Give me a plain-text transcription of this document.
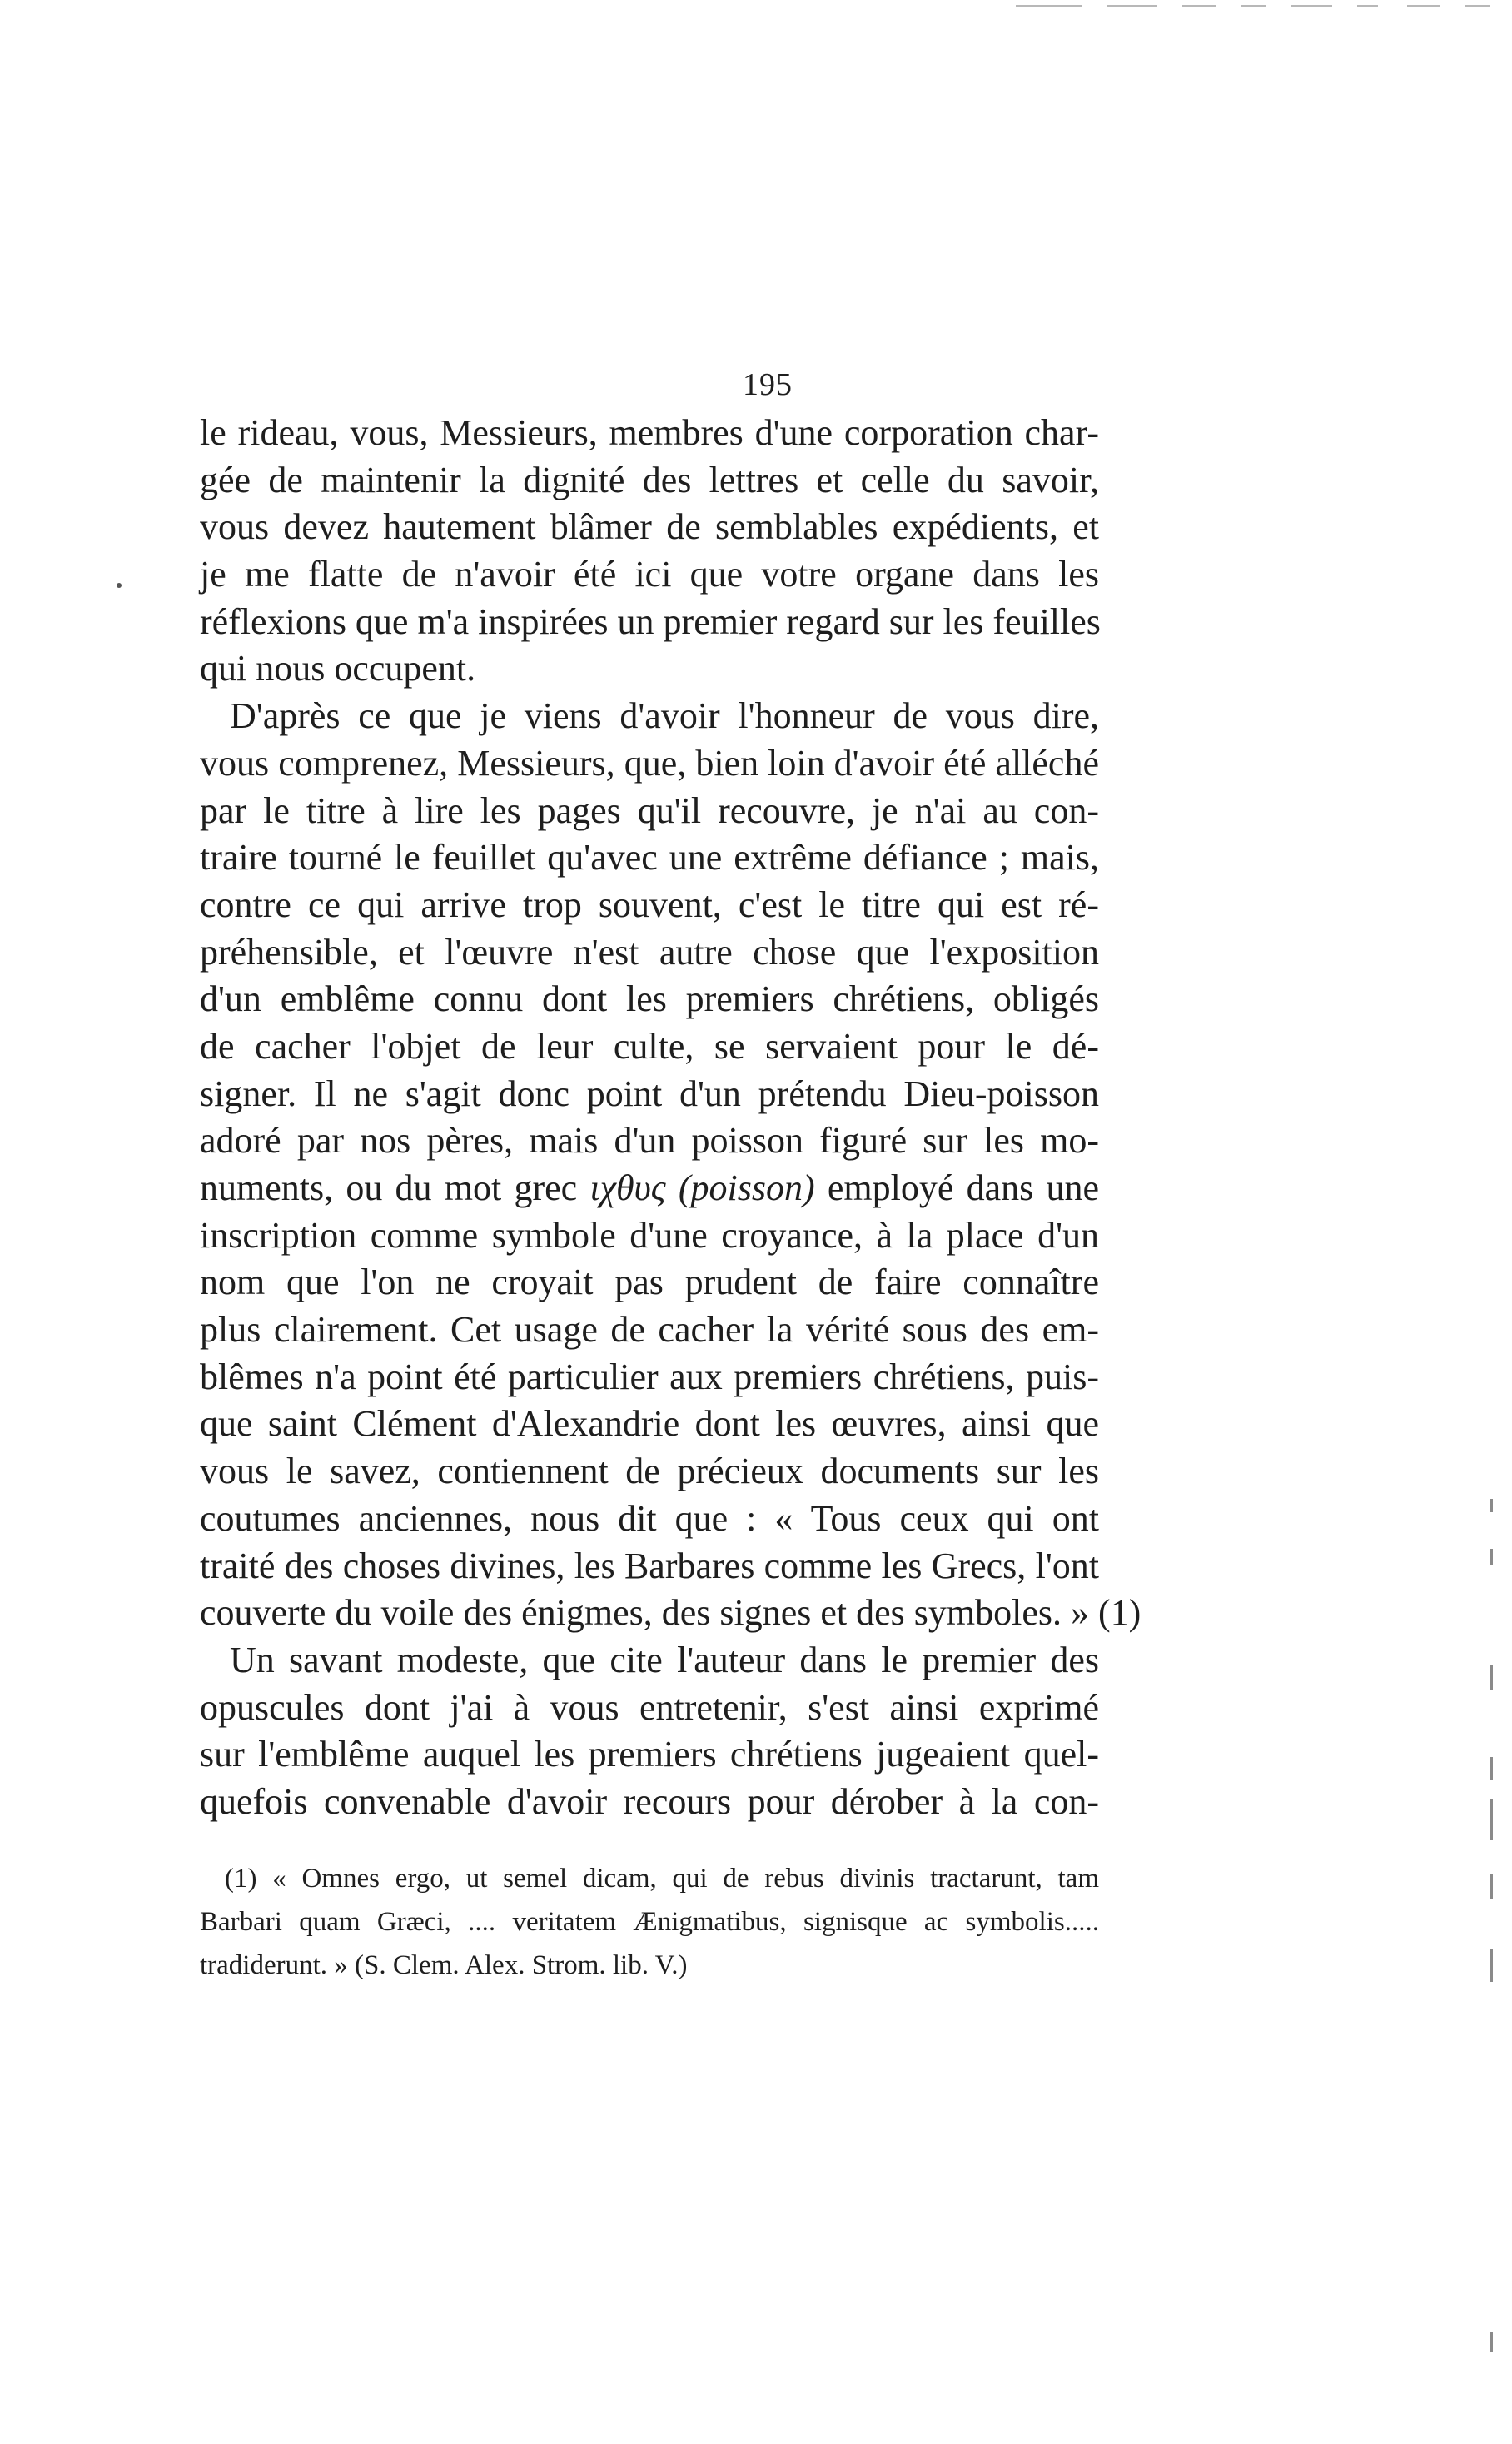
195
le rideau, vous, Messieurs, membres d'une corporation char-
gée de maintenir la dignité des lettres et celle du savoir,
vous devez hautement blâmer de semblables expédients, et
je me flatte de n'avoir été ici que votre organe dans les
réflexions que m'a inspirées un premier regard sur les feuilles
qui nous occupent.
D'après ce que je viens d'avoir l'honneur de vous dire,
vous comprenez, Messieurs, que, bien loin d'avoir été alléché
par le titre à lire les pages qu'il recouvre, je n'ai au con-
traire tourné le feuillet qu'avec une extrême défiance ; mais,
contre ce qui arrive trop souvent, c'est le titre qui est ré-
préhensible, et l'œuvre n'est autre chose que l'exposition
d'un emblême connu dont les premiers chrétiens, obligés
de cacher l'objet de leur culte, se servaient pour le dé-
signer. Il ne s'agit donc point d'un prétendu Dieu-poisson
adoré par nos pères, mais d'un poisson figuré sur les mo-
numents, ou du mot grec ιχθυς (poisson) employé dans une
inscription comme symbole d'une croyance, à la place d'un
nom que l'on ne croyait pas prudent de faire connaître
plus clairement. Cet usage de cacher la vérité sous des em-
blêmes n'a point été particulier aux premiers chrétiens, puis-
que saint Clément d'Alexandrie dont les œuvres, ainsi que
vous le savez, contiennent de précieux documents sur les
coutumes anciennes, nous dit que : « Tous ceux qui ont
traité des choses divines, les Barbares comme les Grecs, l'ont
couverte du voile des énigmes, des signes et des symboles. » (1)
Un savant modeste, que cite l'auteur dans le premier des
opuscules dont j'ai à vous entretenir, s'est ainsi exprimé
sur l'emblême auquel les premiers chrétiens jugeaient quel-
quefois convenable d'avoir recours pour dérober à la con-
(1) « Omnes ergo, ut semel dicam, qui de rebus divinis tractarunt, tam
Barbari quam Græci, .... veritatem Ænigmatibus, signisque ac symbolis.....
tradiderunt. » (S. Clem. Alex. Strom. lib. V.)
